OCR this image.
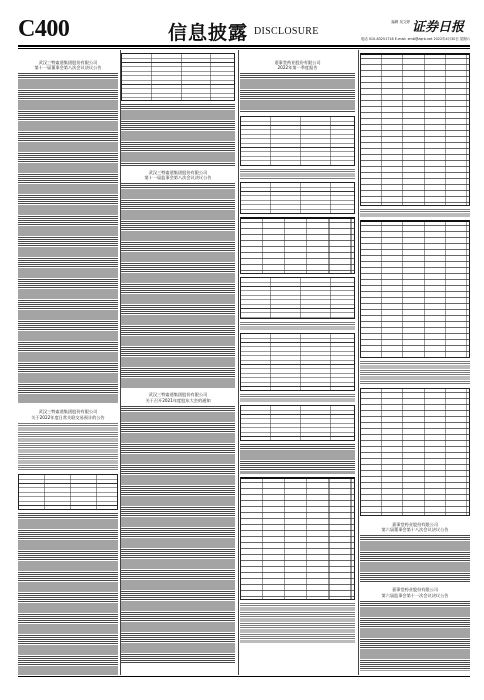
C400	信息披露 DISCLOSURE
编辑 吴文婷 证券日报
电话 010-83251716 E-mail: zmb@zqrb.net 2022年4月30日 星期六

武汉三特索道集团股份有限公司
第十一届董事会第八次会议决议公告
武汉三特索道集团股份有限公司
关于2022年度日常关联交易预计的公告
武汉三特索道集团股份有限公司
第十一届监事会第八次会议决议公告
武汉三特索道集团股份有限公司
关于召开2021年度股东大会的通知

嘉事堂药业股份有限公司
2022年第一季度报告
嘉事堂药业股份有限公司
第六届董事会第十八次会议决议公告
嘉事堂药业股份有限公司
第六届监事会第十一次会议决议公告
